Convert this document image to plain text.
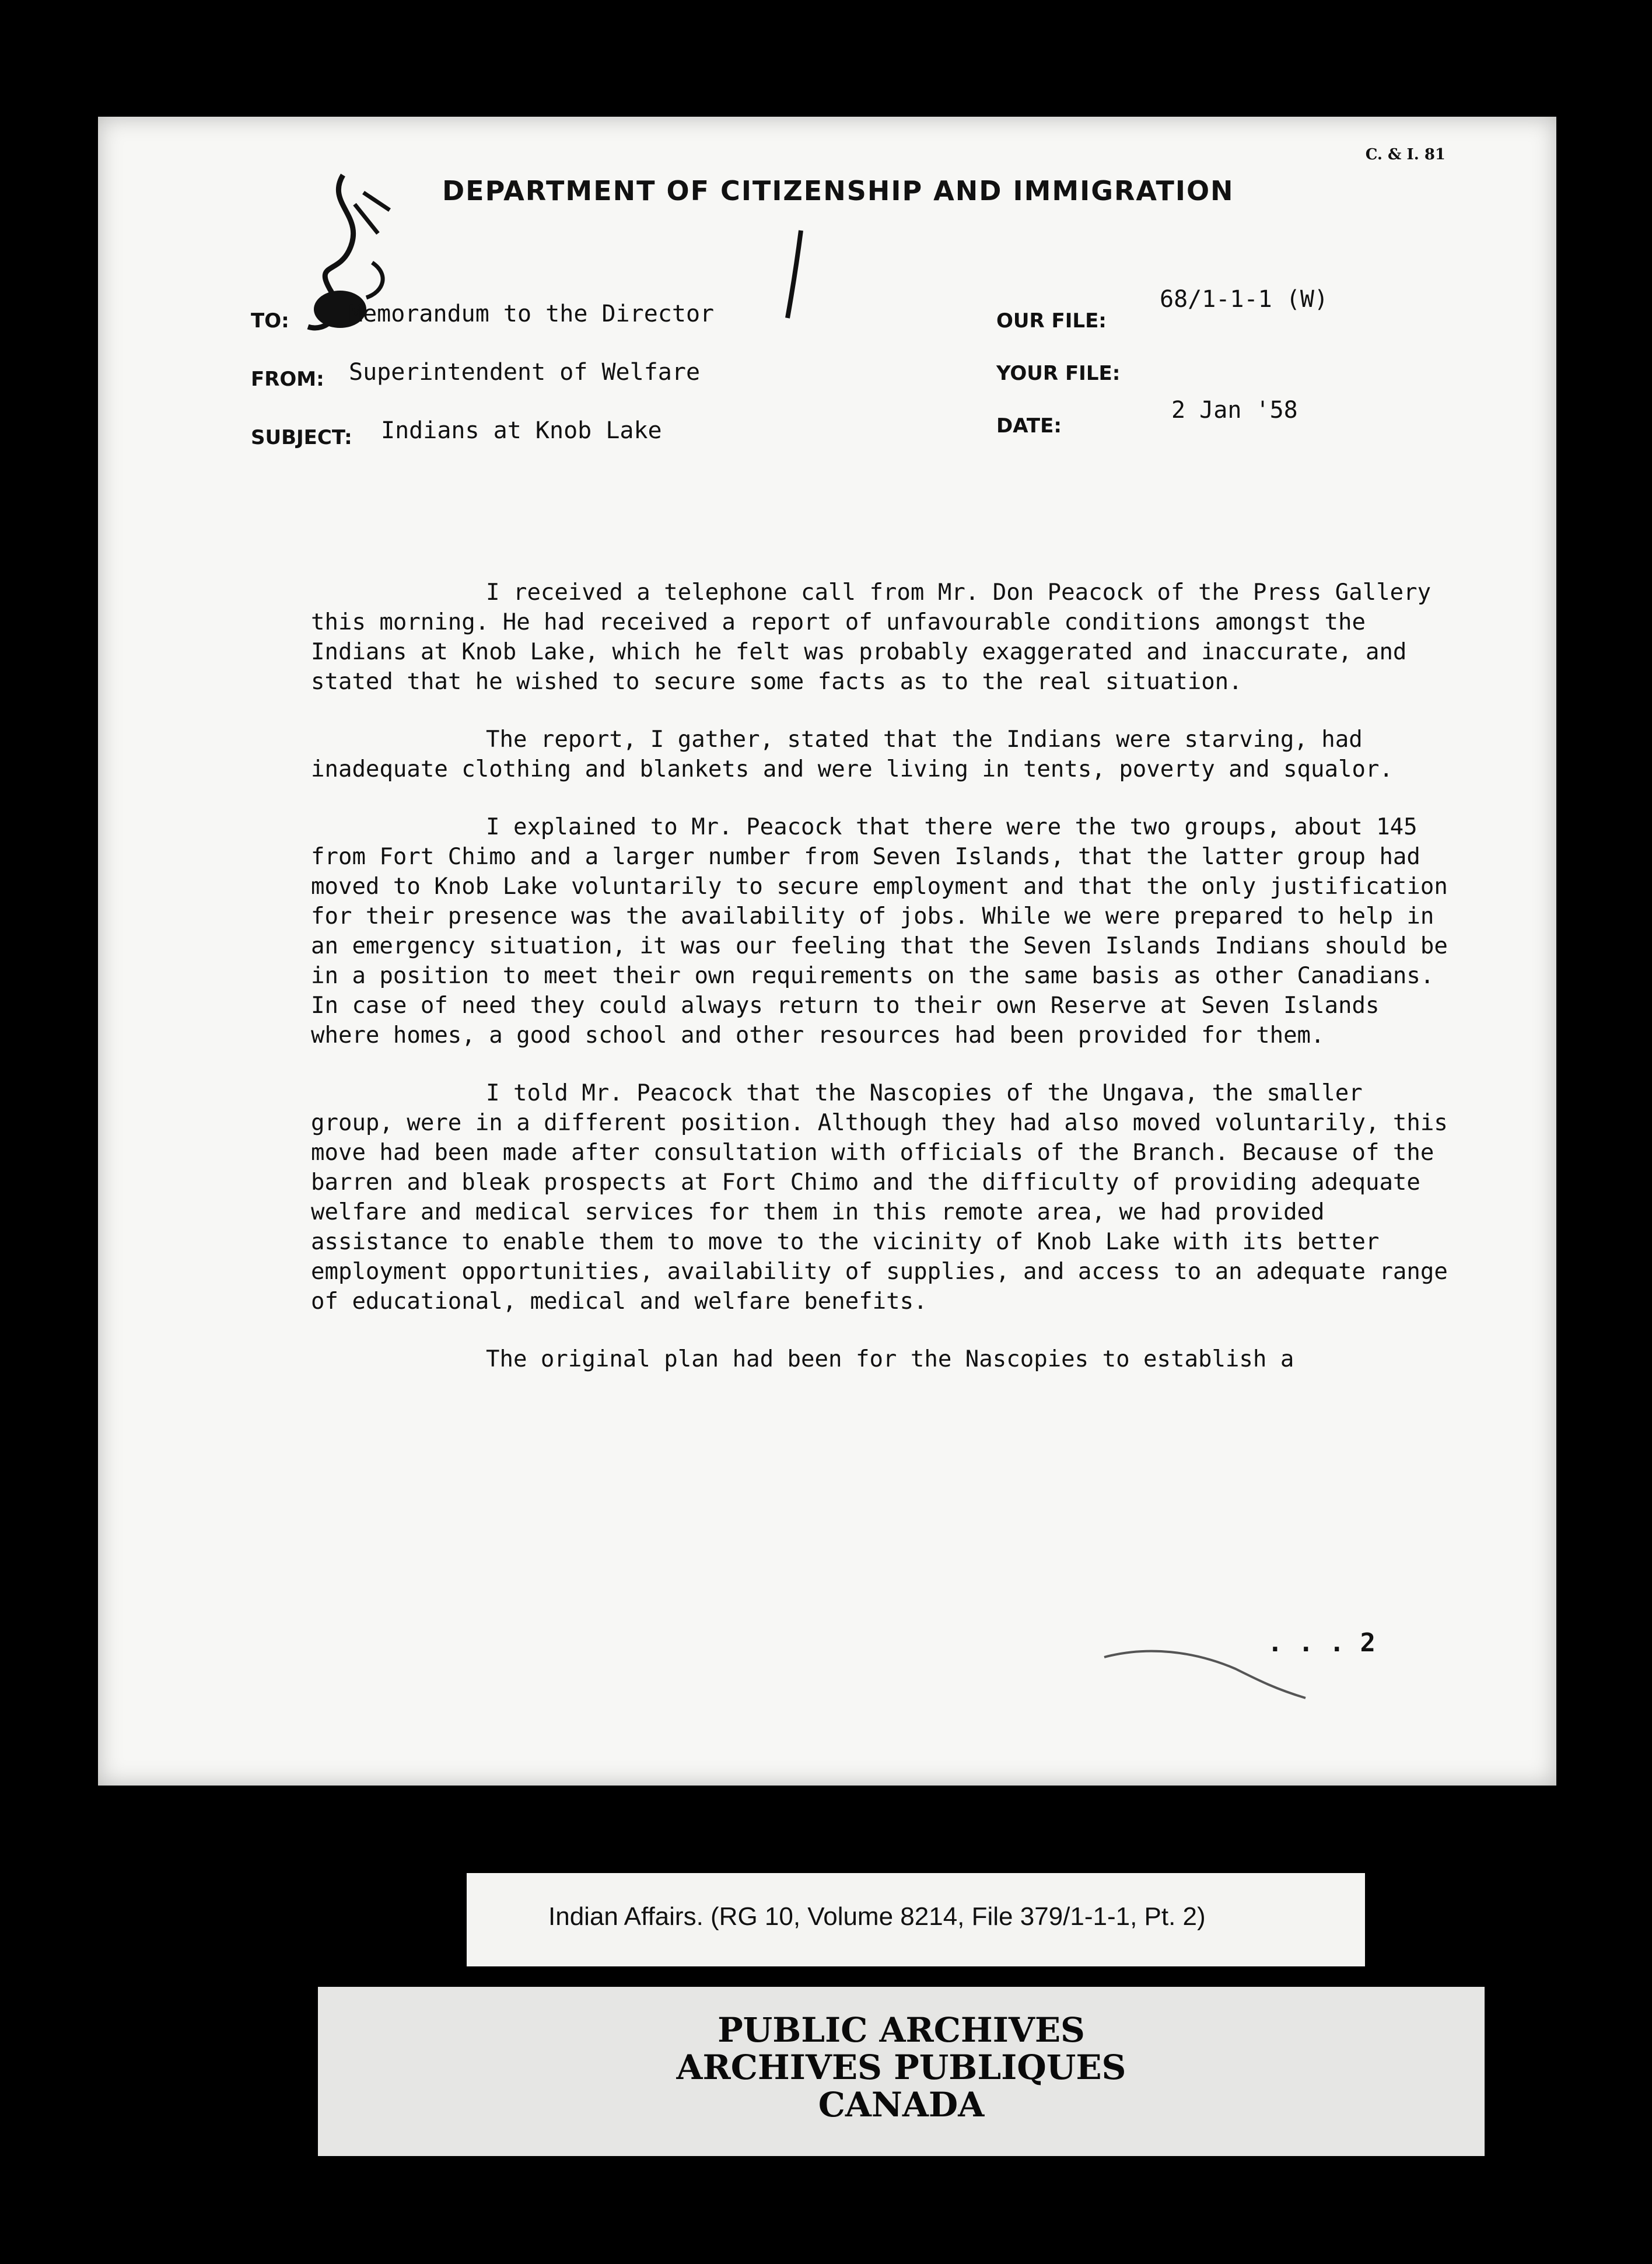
C. & I. 81
DEPARTMENT OF CITIZENSHIP AND IMMIGRATION
TO:	Memorandum to the Director
FROM: Superintendent of Welfare
SUBJECT: Indians at Knob Lake
OUR FILE:
68/1-1-1 (W)
YOUR FILE:
DATE:
2 Jan '58

I received a telephone call from Mr. Don Peacock of the Press Gallery this morning. He had received a report of unfavourable conditions amongst the Indians at Knob Lake, which he felt was probably exaggerated and inaccurate, and stated that he wished to secure some facts as to the real situation.

The report, I gather, stated that the Indians were starving, had inadequate clothing and blankets and were living in tents, poverty and squalor.

I explained to Mr. Peacock that there were the two groups, about 145 from Fort Chimo and a larger number from Seven Islands, that the latter group had moved to Knob Lake voluntarily to secure employment and that the only justification for their presence was the availability of jobs. While we were prepared to help in an emergency situation, it was our feeling that the Seven Islands Indians should be in a position to meet their own requirements on the same basis as other Canadians. In case of need they could always return to their own Reserve at Seven Islands where homes, a good school and other resources had been provided for them.

I told Mr. Peacock that the Nascopies of the Ungava, the smaller group, were in a different position. Although they had also moved voluntarily, this move had been made after consultation with officials of the Branch. Because of the barren and bleak prospects at Fort Chimo and the difficulty of providing adequate welfare and medical services for them in this remote area, we had provided assistance to enable them to move to the vicinity of Knob Lake with its better employment opportunities, availability of supplies, and access to an adequate range of educational, medical and welfare benefits.

The original plan had been for the Nascopies to establish a

. . . 2
Indian Affairs. (RG 10, Volume 8214, File 379/1-1-1, Pt. 2)
PUBLIC ARCHIVES
ARCHIVES PUBLIQUES
CANADA
